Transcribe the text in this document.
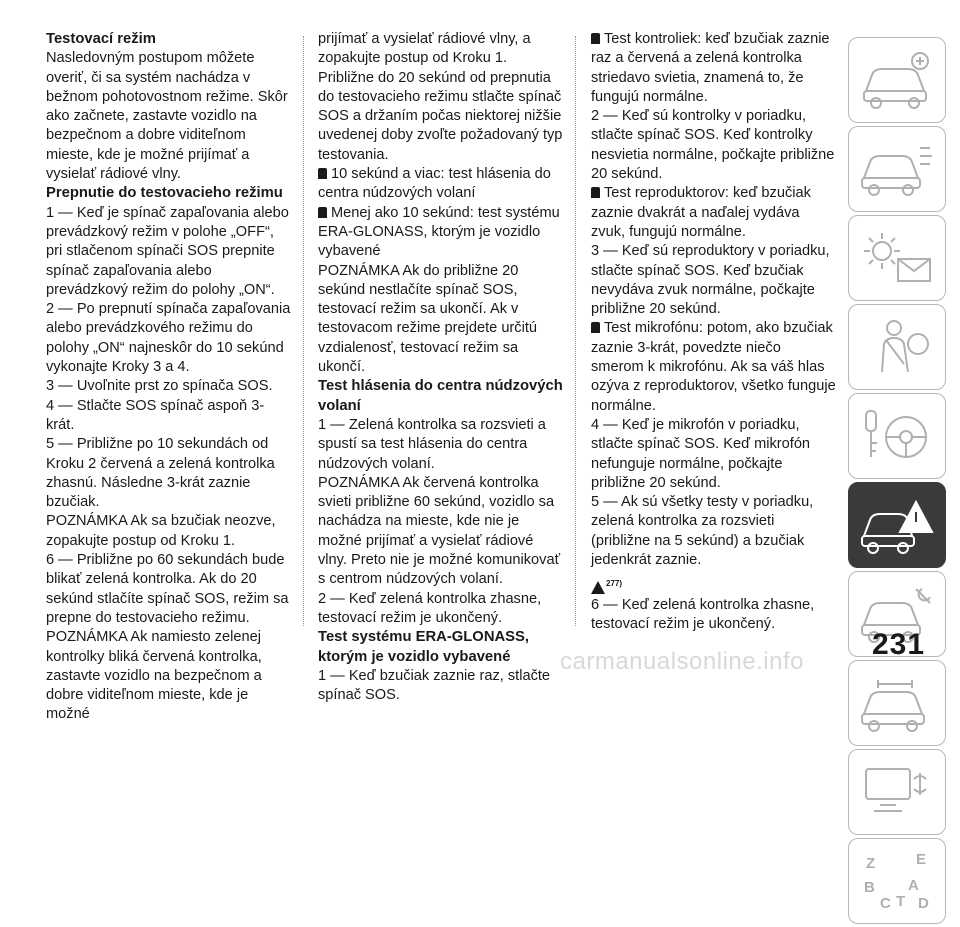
Testovací režim

Nasledovným postupom môžete overiť, či sa systém nachádza v bežnom pohotovostnom režime. Skôr ako začnete, zastavte vozidlo na bezpečnom a dobre viditeľnom mieste, kde je možné prijímať a vysielať rádiové vlny.

Prepnutie do testovacieho režimu

1 — Keď je spínač zapaľovania alebo prevádzkový režim v polohe „OFF“, pri stlačenom spínači SOS prepnite spínač zapaľovania alebo prevádzkový režim do polohy „ON“.

2 — Po prepnutí spínača zapaľovania alebo prevádzkového režimu do polohy „ON“ najneskôr do 10 sekúnd vykonajte Kroky 3 a 4.

3 — Uvoľnite prst zo spínača SOS.

4 — Stlačte SOS spínač aspoň 3-krát.

5 — Približne po 10 sekundách od Kroku 2 červená a zelená kontrolka zhasnú. Následne 3-krát zaznie bzučiak.

POZNÁMKA Ak sa bzučiak neozve, zopakujte postup od Kroku 1.

6 — Približne po 60 sekundách bude blikať zelená kontrolka. Ak do 20 sekúnd stlačíte spínač SOS, režim sa prepne do testovacieho režimu.

POZNÁMKA Ak namiesto zelenej kontrolky bliká červená kontrolka, zastavte vozidlo na bezpečnom a dobre viditeľnom mieste, kde je možné

prijímať a vysielať rádiové vlny, a zopakujte postup od Kroku 1.

Približne do 20 sekúnd od prepnutia do testovacieho režimu stlačte spínač SOS a držaním počas niektorej nižšie uvedenej doby zvoľte požadovaný typ testovania.

10 sekúnd a viac: test hlásenia do centra núdzových volaní

Menej ako 10 sekúnd: test systému ERA-GLONASS, ktorým je vozidlo vybavené

POZNÁMKA Ak do približne 20 sekúnd nestlačíte spínač SOS, testovací režim sa ukončí. Ak v testovacom režime prejdete určitú vzdialenosť, testovací režim sa ukončí.

Test hlásenia do centra núdzových volaní

1 — Zelená kontrolka sa rozsvieti a spustí sa test hlásenia do centra núdzových volaní.

POZNÁMKA Ak červená kontrolka svieti približne 60 sekúnd, vozidlo sa nachádza na mieste, kde nie je možné prijímať a vysielať rádiové vlny. Preto nie je možné komunikovať s centrom núdzových volaní.

2 — Keď zelená kontrolka zhasne, testovací režim je ukončený.

Test systému ERA-GLONASS, ktorým je vozidlo vybavené

1 — Keď bzučiak zaznie raz, stlačte spínač SOS.

Test kontroliek: keď bzučiak zaznie raz a červená a zelená kontrolka striedavo svietia, znamená to, že fungujú normálne.

2 — Keď sú kontrolky v poriadku, stlačte spínač SOS. Keď kontrolky nesvietia normálne, počkajte približne 20 sekúnd.

Test reproduktorov: keď bzučiak zaznie dvakrát a naďalej vydáva zvuk, fungujú normálne.

3 — Keď sú reproduktory v poriadku, stlačte spínač SOS. Keď bzučiak nevydáva zvuk normálne, počkajte približne 20 sekúnd.

Test mikrofónu: potom, ako bzučiak zaznie 3-krát, povedzte niečo smerom k mikrofónu. Ak sa váš hlas ozýva z reproduktorov, všetko funguje normálne.

4 — Keď je mikrofón v poriadku, stlačte spínač SOS. Keď mikrofón nefunguje normálne, počkajte približne 20 sekúnd.

5 — Ak sú všetky testy v poriadku, zelená kontrolka za rozsvieti (približne na 5 sekúnd) a bzučiak jedenkrát zaznie.

277)

6 — Keď zelená kontrolka zhasne, testovací režim je ukončený.

Z	E
B A
C T D
231
carmanualsonline.info
